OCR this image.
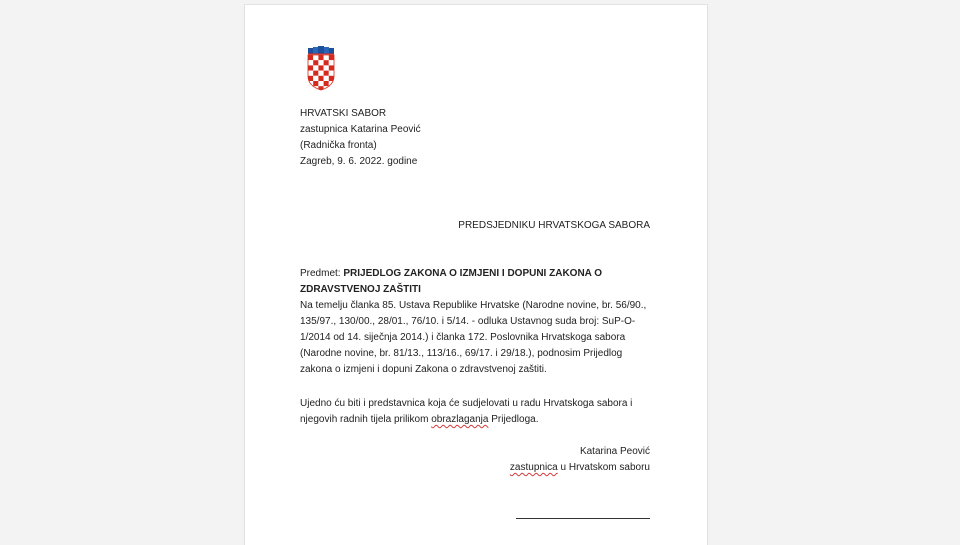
HRVATSKI SABOR
zastupnica Katarina Peović
(Radnička fronta)
Zagreb, 9. 6. 2022. godine
PREDSJEDNIKU HRVATSKOGA SABORA
Predmet: PRIJEDLOG ZAKONA O IZMJENI I DOPUNI ZAKONA O ZDRAVSTVENOJ ZAŠTITI
Na temelju članka 85. Ustava Republike Hrvatske (Narodne novine, br. 56/90., 135/97., 130/00., 28/01., 76/10. i 5/14. - odluka Ustavnog suda broj: SuP-O-1/2014 od 14. siječnja 2014.) i članka 172. Poslovnika Hrvatskoga sabora (Narodne novine, br. 81/13., 113/16., 69/17. i 29/18.), podnosim Prijedlog zakona o izmjeni i dopuni Zakona o zdravstvenoj zaštiti.
Ujedno ću biti i predstavnica koja će sudjelovati u radu Hrvatskoga sabora i njegovih radnih tijela prilikom obrazlaganja Prijedloga.
Katarina Peović
zastupnica u Hrvatskom saboru
